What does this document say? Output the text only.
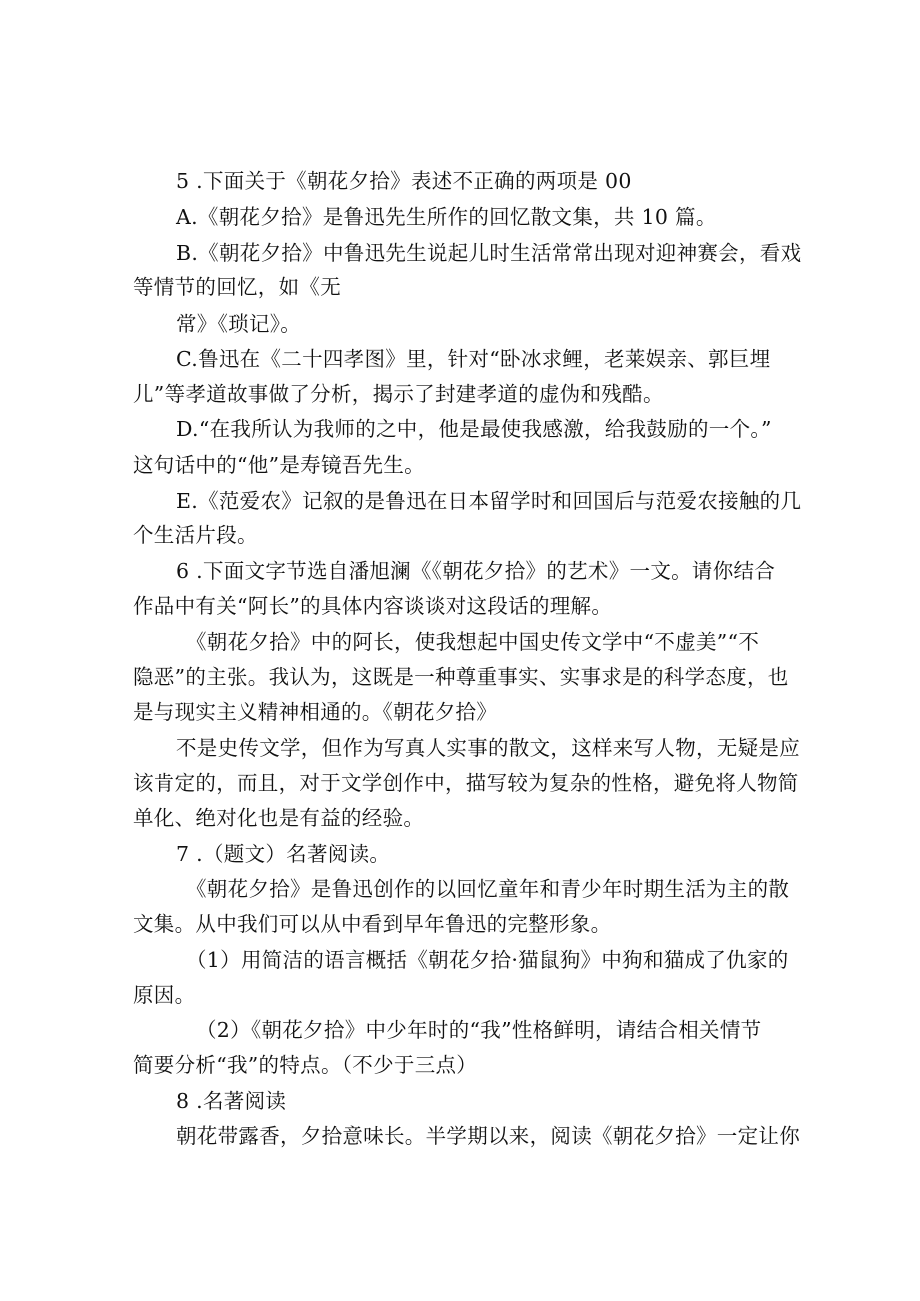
5 .下面关于《朝花夕拾》表述不正确的两项是 00
A.《朝花夕拾》是鲁迅先生所作的回忆散文集，共 10 篇。
B.《朝花夕拾》中鲁迅先生说起儿时生活常常出现对迎神赛会，看戏
等情节的回忆，如《无
常》《琐记》。
C.鲁迅在《二十四孝图》里，针对“卧冰求鲤，老莱娱亲、郭巨埋
儿”等孝道故事做了分析，揭示了封建孝道的虚伪和残酷。
D.“在我所认为我师的之中，他是最使我感激，给我鼓励的一个。”
这句话中的“他”是寿镜吾先生。
E.《范爱农》记叙的是鲁迅在日本留学时和回国后与范爱农接触的几
个生活片段。
6 .下面文字节选自潘旭澜《《朝花夕拾》的艺术》一文。请你结合
作品中有关“阿长”的具体内容谈谈对这段话的理解。
《朝花夕拾》中的阿长，使我想起中国史传文学中“不虚美”“不
隐恶”的主张。我认为，这既是一种尊重事实、实事求是的科学态度，也
是与现实主义精神相通的。《朝花夕拾》
不是史传文学，但作为写真人实事的散文，这样来写人物，无疑是应
该肯定的，而且，对于文学创作中，描写较为复杂的性格，避免将人物简
单化、绝对化也是有益的经验。
7 .（题文）名著阅读。
《朝花夕拾》是鲁迅创作的以回忆童年和青少年时期生活为主的散
文集。从中我们可以从中看到早年鲁迅的完整形象。
（1）用简洁的语言概括《朝花夕拾·猫鼠狗》中狗和猫成了仇家的
原因。
（2）《朝花夕拾》中少年时的“我”性格鲜明，请结合相关情节
简要分析“我”的特点。（不少于三点）
8 .名著阅读
朝花带露香，夕拾意味长。半学期以来，阅读《朝花夕拾》一定让你
